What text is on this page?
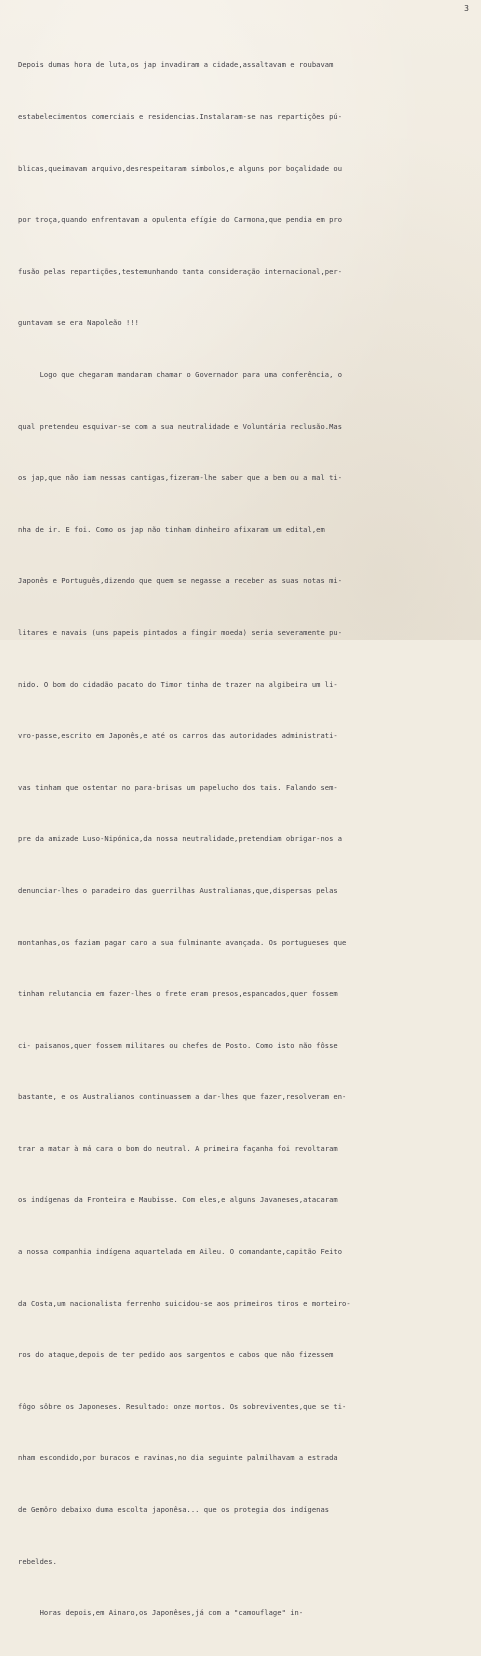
3

Depois dumas hora de luta,os jap invadiram a cidade,assaltavam e roubavam

estabelecimentos comerciais e residencias.Instalaram-se nas repartições pú-

blicas,queimavam arquivo,desrespeitaram símbolos,e alguns por boçalidade ou

por troça,quando enfrentavam a opulenta efígie do Carmona,que pendia em pro

fusão pelas repartições,testemunhando tanta consideração internacional,per-

guntavam se era Napoleão !!!

Logo que chegaram mandaram chamar o Governador para uma conferência, o

qual pretendeu esquivar-se com a sua neutralidade e Voluntária reclusão.Mas

os jap,que não iam nessas cantigas,fizeram-lhe saber que a bem ou a mal ti-

nha de ir. E foi. Como os jap não tinham dinheiro afixaram um edital,em

Japonês e Português,dizendo que quem se negasse a receber as suas notas mi-

litares e navais (uns papeis pintados a fingir moeda) seria severamente pu-

nido. O bom do cidadão pacato do Timor tinha de trazer na algibeira um li-

vro-passe,escrito em Japonês,e até os carros das autoridades administrati-

vas tinham que ostentar no para-brisas um papelucho dos tais. Falando sem-

pre da amizade Luso-Nipónica,da nossa neutralidade,pretendiam obrigar-nos a

denunciar-lhes o paradeiro das guerrilhas Australianas,que,dispersas pelas

montanhas,os faziam pagar caro a sua fulminante avançada. Os portugueses que

tinham relutancia em fazer-lhes o frete eram presos,espancados,quer fossem

ci- paisanos,quer fossem militares ou chefes de Posto. Como isto não fôsse

bastante, e os Australianos continuassem a dar-lhes que fazer,resolveram en-

trar a matar à má cara o bom do neutral. A primeira façanha foi revoltaram

os indígenas da Fronteira e Maubisse. Com eles,e alguns Javaneses,atacaram

a nossa companhia indígena aquartelada em Aileu. O comandante,capitão Feito

da Costa,um nacionalista ferrenho suicidou-se aos primeiros tiros e morteiro-

ros do ataque,depois de ter pedido aos sargentos e cabos que não fizessem

fôgo sôbre os Japoneses. Resultado: onze mortos. Os sobreviventes,que se ti-

nham escondido,por buracos e ravinas,no dia seguinte palmilhavam a estrada

de Gemôro debaixo duma escolta japonêsa... que os protegia dos indígenas

rebeldes.

Horas depois,em Ainaro,os Japonêses,já com a "camouflage" in-
